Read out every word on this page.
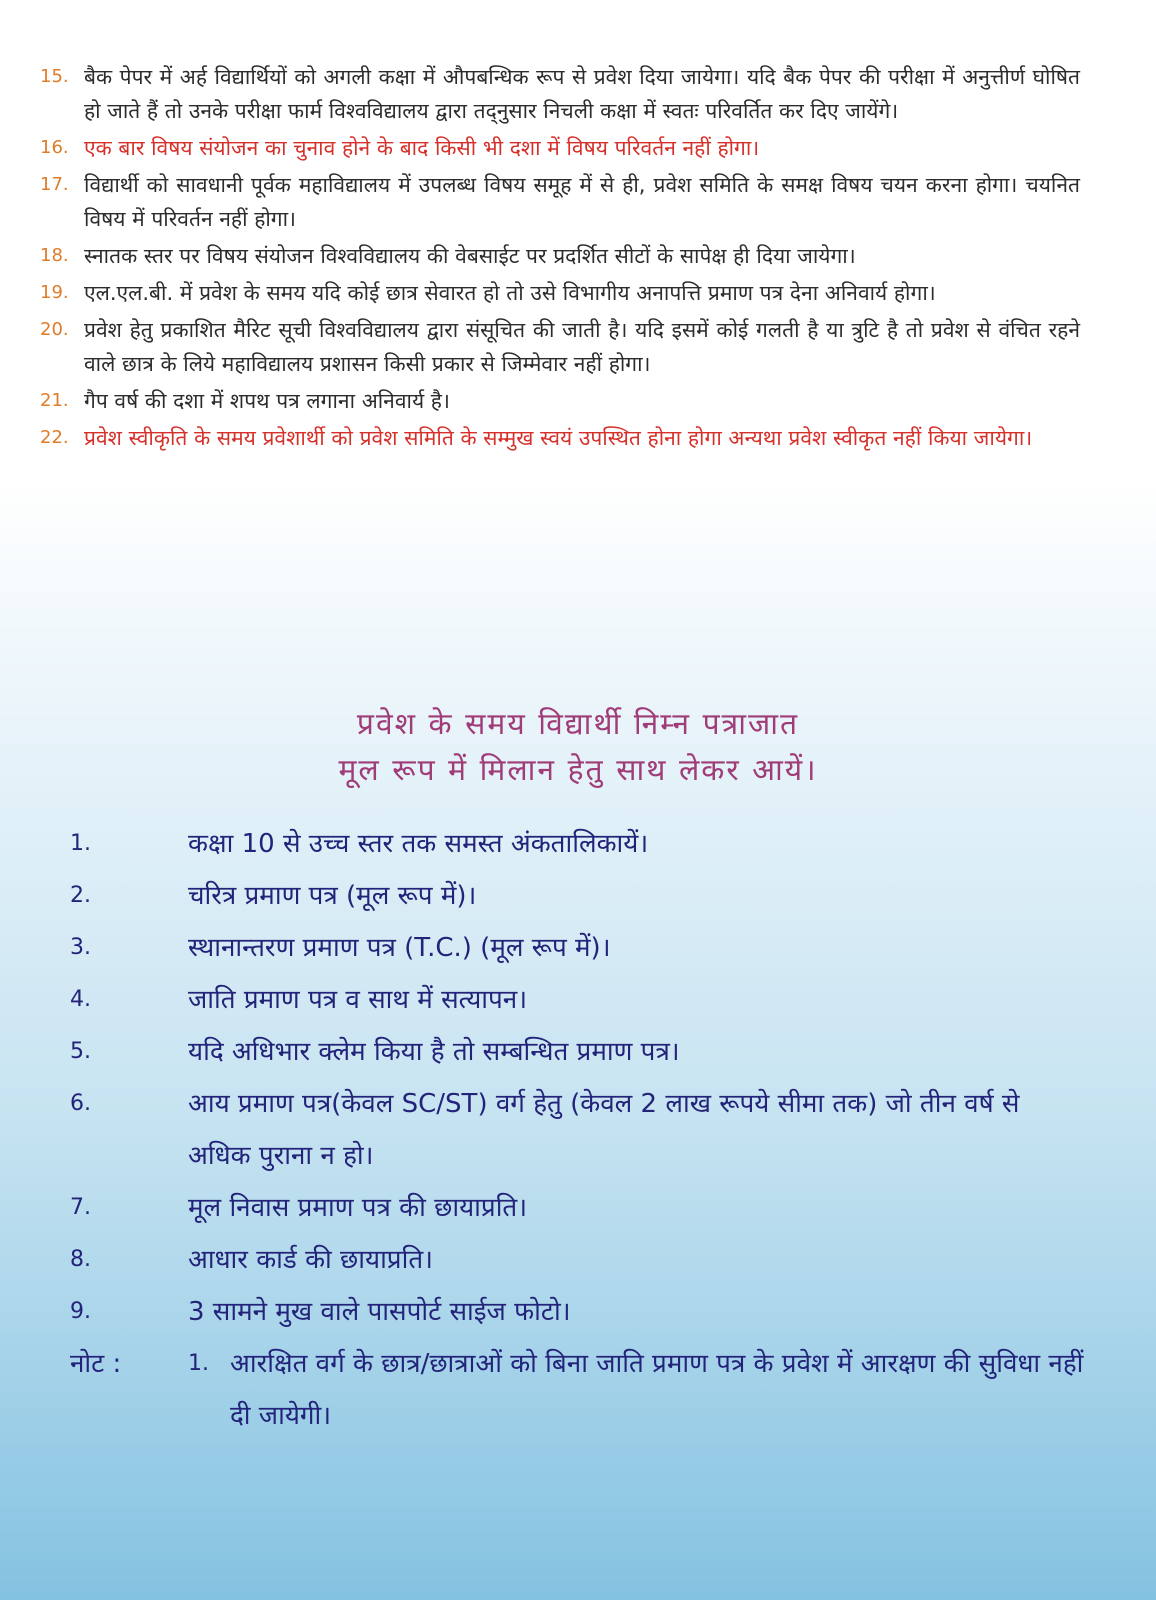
15. बैक पेपर में अर्ह विद्यार्थियों को अगली कक्षा में औपबन्धिक रूप से प्रवेश दिया जायेगा। यदि बैक पेपर की परीक्षा में अनुत्तीर्ण घोषित हो जाते हैं तो उनके परीक्षा फार्म विश्वविद्यालय द्वारा तद्नुसार निचली कक्षा में स्वतः परिवर्तित कर दिए जायेंगे।
16. एक बार विषय संयोजन का चुनाव होने के बाद किसी भी दशा में विषय परिवर्तन नहीं होगा।
17. विद्यार्थी को सावधानी पूर्वक महाविद्यालय में उपलब्ध विषय समूह में से ही, प्रवेश समिति के समक्ष विषय चयन करना होगा। चयनित विषय में परिवर्तन नहीं होगा।
18. स्नातक स्तर पर विषय संयोजन विश्वविद्यालय की वेबसाईट पर प्रदर्शित सीटों के सापेक्ष ही दिया जायेगा।
19. एल.एल.बी. में प्रवेश के समय यदि कोई छात्र सेवारत हो तो उसे विभागीय अनापत्ति प्रमाण पत्र देना अनिवार्य होगा।
20. प्रवेश हेतु प्रकाशित मैरिट सूची विश्वविद्यालय द्वारा संसूचित की जाती है। यदि इसमें कोई गलती है या त्रुटि है तो प्रवेश से वंचित रहने वाले छात्र के लिये महाविद्यालय प्रशासन किसी प्रकार से जिम्मेवार नहीं होगा।
21. गैप वर्ष की दशा में शपथ पत्र लगाना अनिवार्य है।
22. प्रवेश स्वीकृति के समय प्रवेशार्थी को प्रवेश समिति के सम्मुख स्वयं उपस्थित होना होगा अन्यथा प्रवेश स्वीकृत नहीं किया जायेगा।
प्रवेश के समय विद्यार्थी निम्न पत्राजात
मूल रूप में मिलान हेतु साथ लेकर आयें।
1.	कक्षा 10 से उच्च स्तर तक समस्त अंकतालिकायें।
2.	चरित्र प्रमाण पत्र (मूल रूप में)।
3.	स्थानान्तरण प्रमाण पत्र (T.C.) (मूल रूप में)।
4.	जाति प्रमाण पत्र व साथ में सत्यापन।
5.	यदि अधिभार क्लेम किया है तो सम्बन्धित प्रमाण पत्र।
6.	आय प्रमाण पत्र(केवल SC/ST) वर्ग हेतु (केवल 2 लाख रूपये सीमा तक) जो तीन वर्ष से अधिक पुराना न हो।
7.	मूल निवास प्रमाण पत्र की छायाप्रति।
8.	आधार कार्ड की छायाप्रति।
9.	3 सामने मुख वाले पासपोर्ट साईज फोटो।
नोट :	1. आरक्षित वर्ग के छात्र/छात्राओं को बिना जाति प्रमाण पत्र के प्रवेश में आरक्षण की सुविधा नहीं दी जायेगी।
